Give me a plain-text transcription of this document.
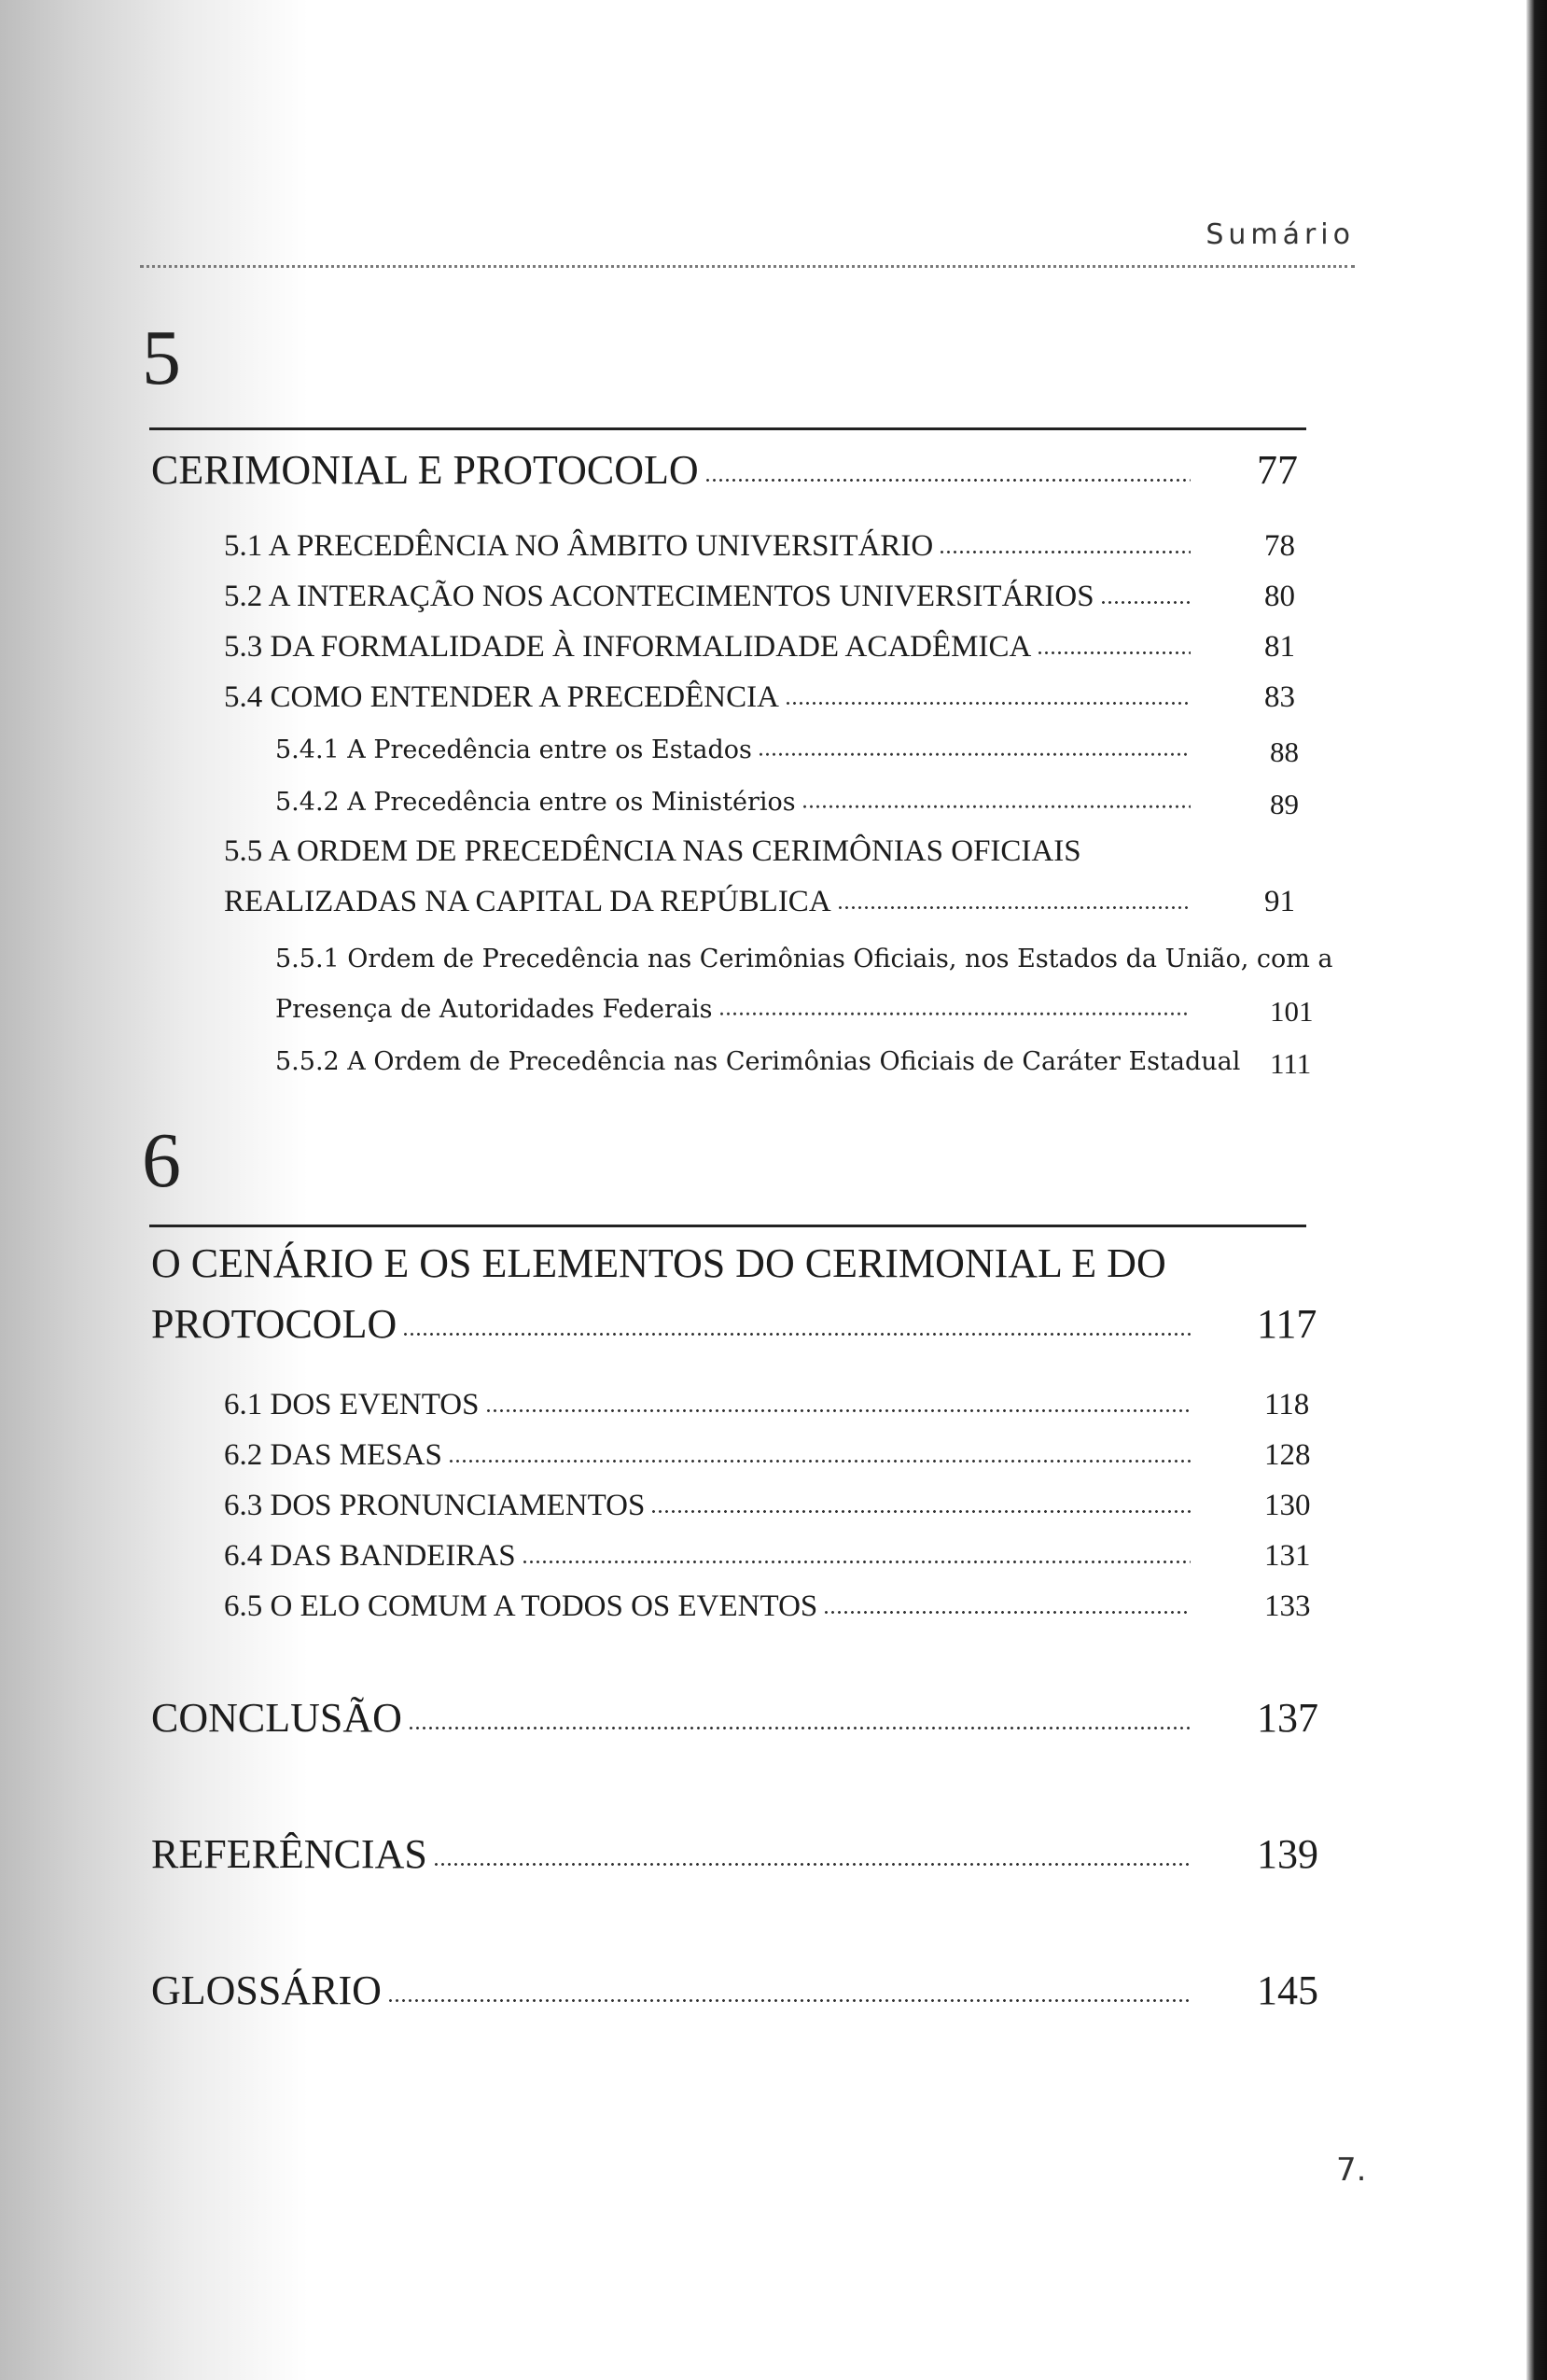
Sumário
5
CERIMONIAL E PROTOCOLO	77
5.1 A PRECEDÊNCIA NO ÂMBITO UNIVERSITÁRIO	78
5.2 A INTERAÇÃO NOS ACONTECIMENTOS UNIVERSITÁRIOS	80
5.3 DA FORMALIDADE À INFORMALIDADE ACADÊMICA	81
5.4 COMO ENTENDER A PRECEDÊNCIA	83
5.4.1 A Precedência entre os Estados	88
5.4.2 A Precedência entre os Ministérios	89
5.5 A ORDEM DE PRECEDÊNCIA NAS CERIMÔNIAS OFICIAIS
REALIZADAS NA CAPITAL DA REPÚBLICA	91
5.5.1 Ordem de Precedência nas Cerimônias Oficiais, nos Estados da União, com a
Presença de Autoridades Federais	101
5.5.2 A Ordem de Precedência nas Cerimônias Oficiais de Caráter Estadual 111
6
O CENÁRIO E OS ELEMENTOS DO CERIMONIAL E DO
PROTOCOLO	117
6.1 DOS EVENTOS	118
6.2 DAS MESAS	128
6.3 DOS PRONUNCIAMENTOS	130
6.4 DAS BANDEIRAS	131
6.5 O ELO COMUM A TODOS OS EVENTOS	133
CONCLUSÃO	137
REFERÊNCIAS	139
GLOSSÁRIO	145
7.
